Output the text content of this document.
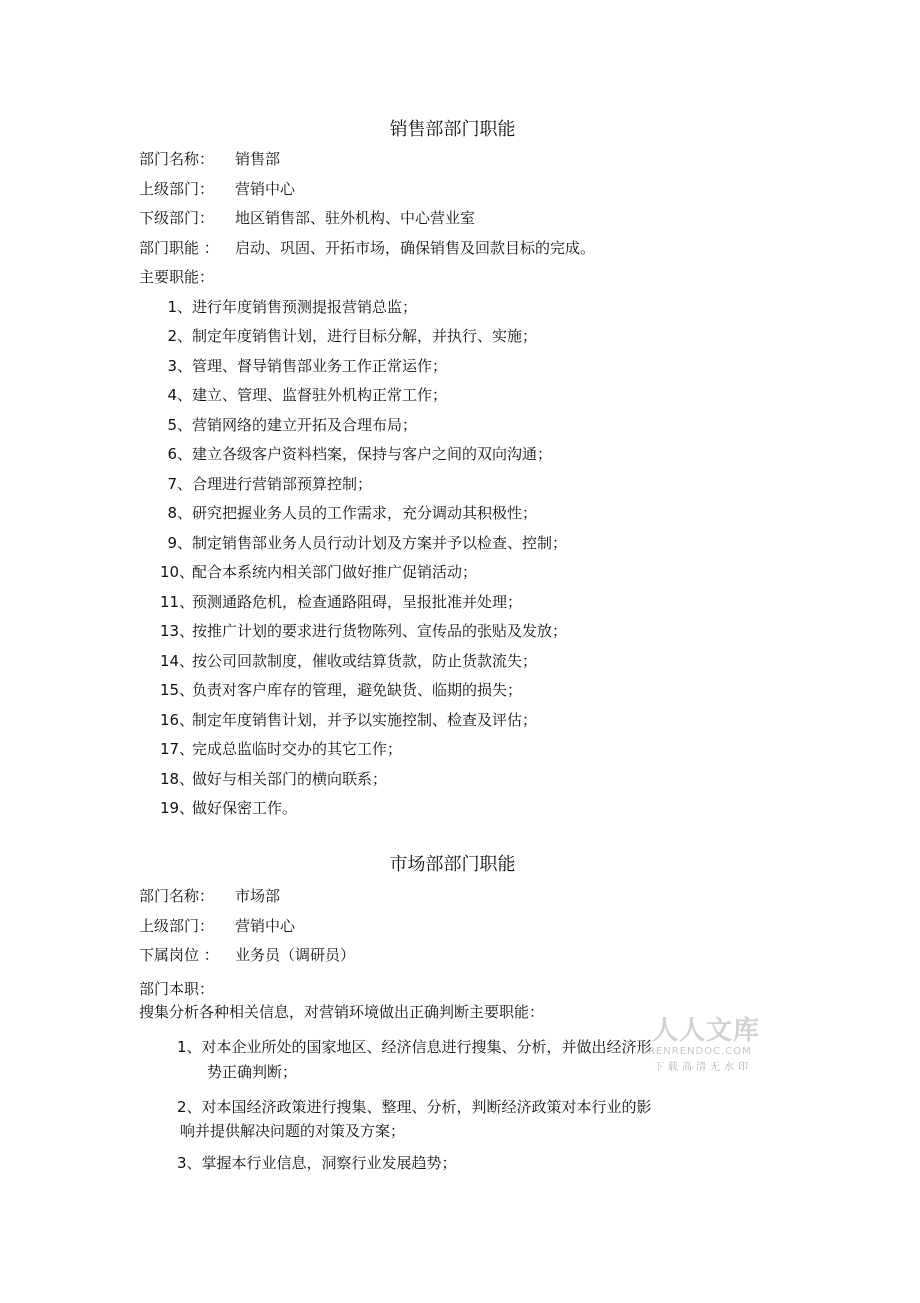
销售部部门职能
部门名称： 销售部
上级部门： 营销中心
下级部门： 地区销售部、驻外机构、中心营业室
部门职能 ： 启动、巩固、开拓市场，确保销售及回款目标的完成。
主要职能：
1、进行年度销售预测提报营销总监；
2、制定年度销售计划，进行目标分解，并执行、实施；
3、管理、督导销售部业务工作正常运作；
4、建立、管理、监督驻外机构正常工作；
5、营销网络的建立开拓及合理布局；
6、建立各级客户资料档案，保持与客户之间的双向沟通；
7、合理进行营销部预算控制；
8、研究把握业务人员的工作需求，充分调动其积极性；
9、制定销售部业务人员行动计划及方案并予以检查、控制；
10、配合本系统内相关部门做好推广促销活动；
11、预测通路危机，检查通路阻碍，呈报批准并处理；
13、按推广计划的要求进行货物陈列、宣传品的张贴及发放；
14、按公司回款制度，催收或结算货款，防止货款流失；
15、负责对客户库存的管理，避免缺货、临期的损失；
16、制定年度销售计划，并予以实施控制、检查及评估；
17、完成总监临时交办的其它工作；
18、做好与相关部门的横向联系；
19、做好保密工作。
市场部部门职能
部门名称： 市场部
上级部门： 营销中心
下属岗位 ： 业务员（调研员）
部门本职：
搜集分析各种相关信息，对营销环境做出正确判断主要职能：
1、对本企业所处的国家地区、经济信息进行搜集、分析，并做出经济形
势正确判断；
2、对本国经济政策进行搜集、整理、分析，判断经济政策对本行业的影
响并提供解决问题的对策及方案；
3、掌握本行业信息，洞察行业发展趋势；
人人文库
RENRENDOC.COM
下载高清无水印
